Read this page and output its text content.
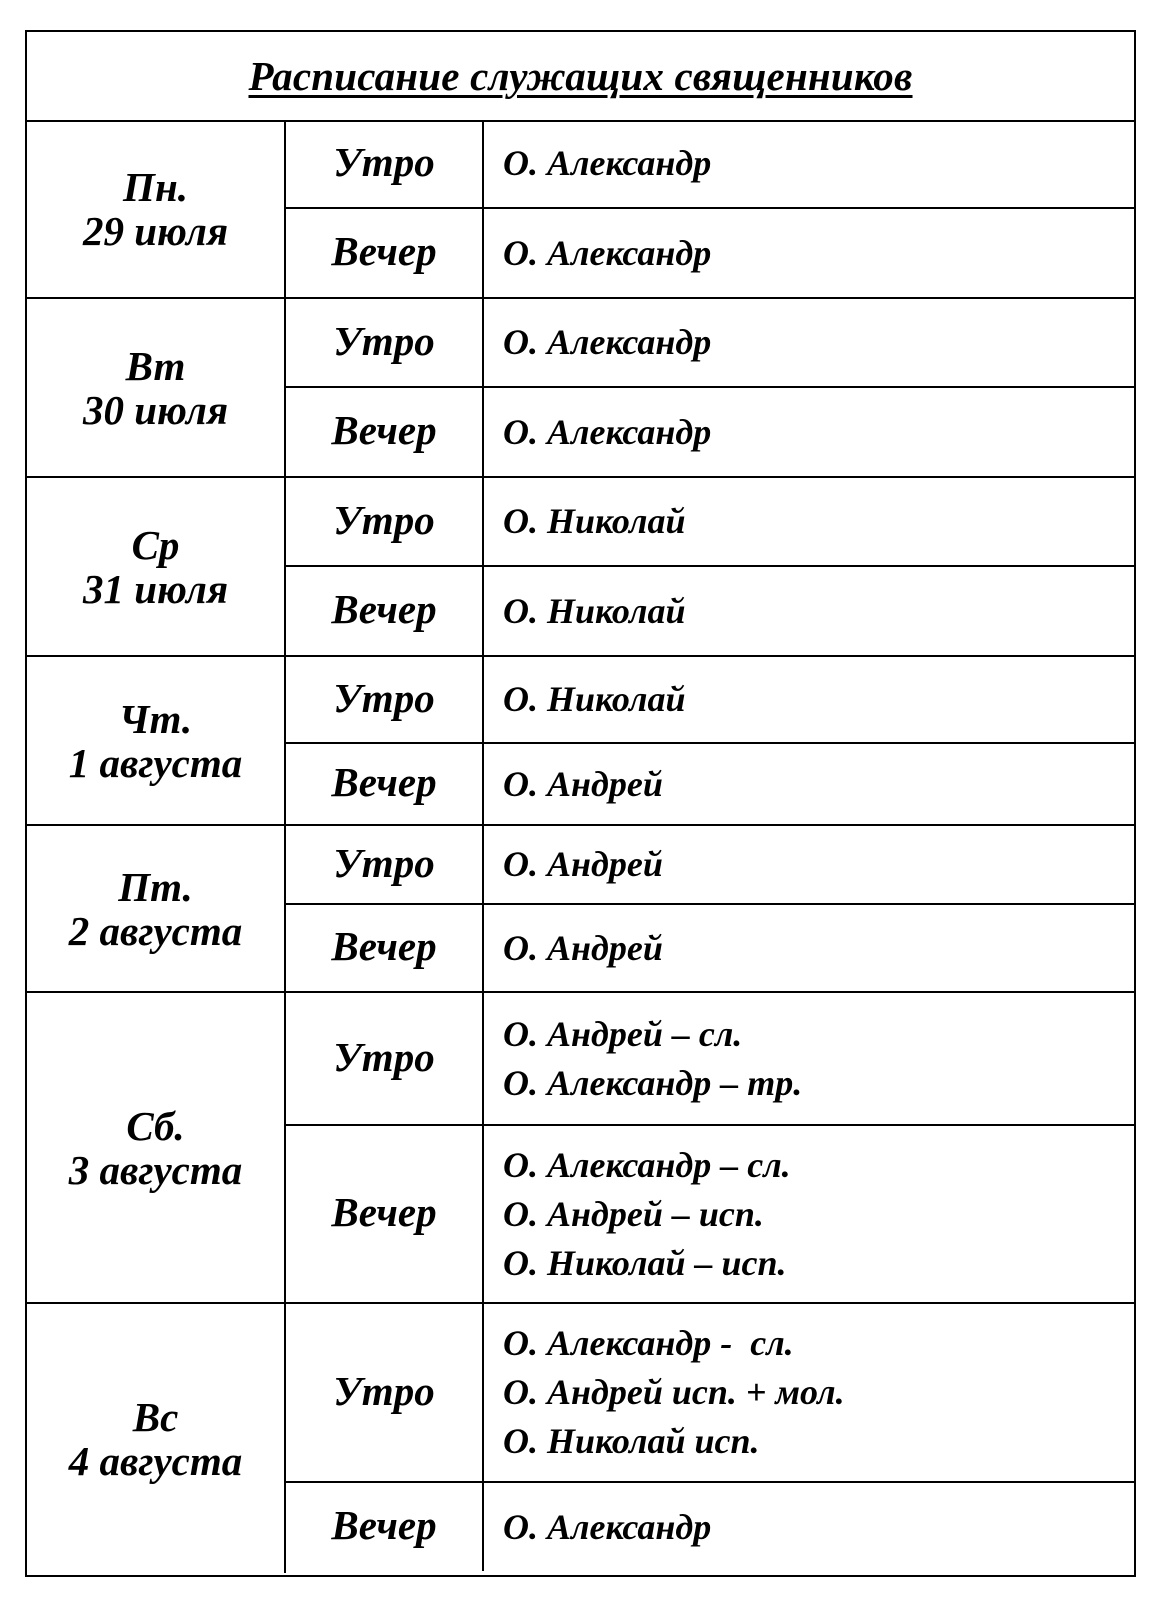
Расписание служащих священников
Пн.
29 июля
Утро О. Александр
Вечер О. Александр
Вт
30 июля
Утро О. Александр
Вечер О. Александр
Ср
31 июля
Утро О. Николай
Вечер О. Николай
Чт.
1 августа
Утро О. Николай
Вечер О. Андрей
Пт.
2 августа
Утро О. Андрей
Вечер О. Андрей
Сб.
3 августа
Утро О. Андрей – сл.
О. Александр – тр.
Вечер
О. Александр – сл.
О. Андрей – исп.
О. Николай – исп.
Вс
4 августа
Утро
О. Александр -  сл.
О. Андрей исп. + мол.
О. Николай исп.
Вечер О. Александр
